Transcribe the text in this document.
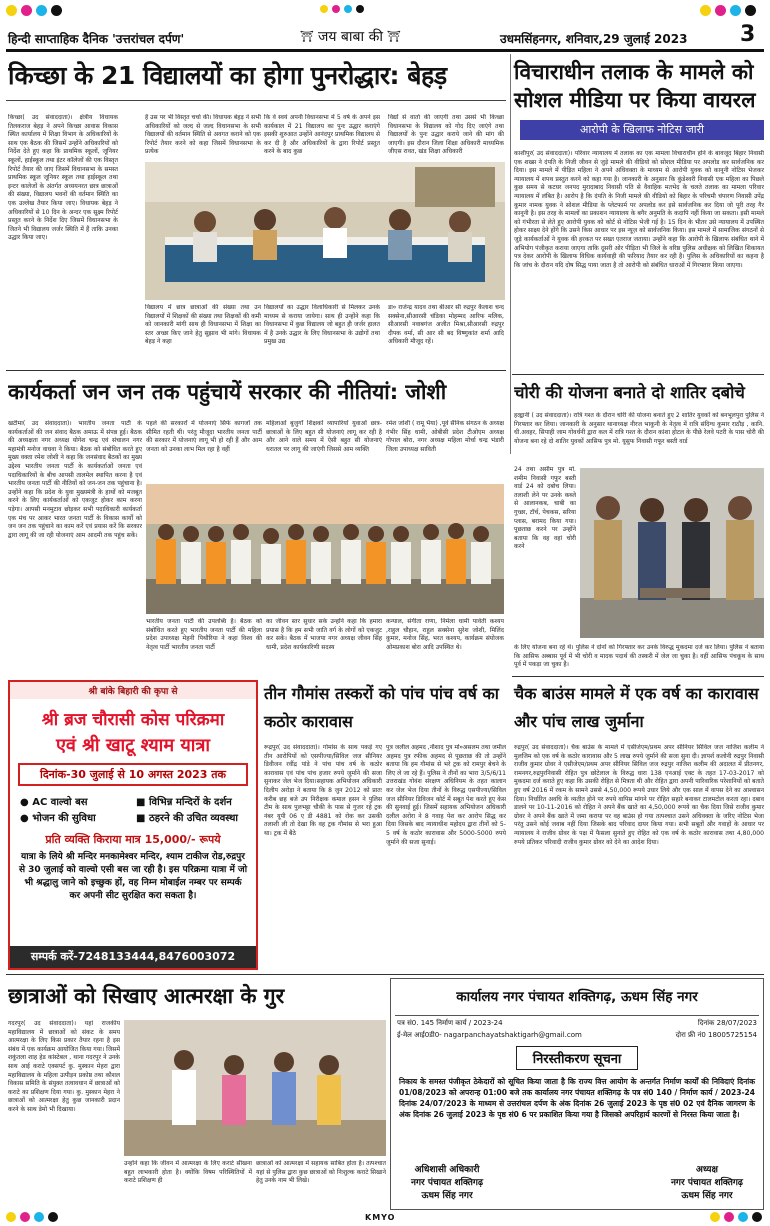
हिन्दी साप्ताहिक दैनिक 'उत्तरांचल दर्पण'	⛩ जय बाबा की ⛩	उधमसिंहनगर, शनिवार,29 जुलाई 2023 3
किच्छा के 21 विद्यालयों का होगा पुनरोद्धार: बेहड़
किच्छा( उद संवाददाता)। क्षेत्रीय विधायक तिलकराज बेहड़ ने अपने किच्छा आवास विकास स्थित कार्यालय में शिक्षा विभाग के अधिकारियों के साथ एक बैठक की जिसमें उन्होंने अधिकारियों को निर्देश देते हुए कहा कि प्राथमिक स्कूलों, जूनियर स्कूलों, हाईस्कूल तथा इंटर कॉलेजों की एक विस्तृत रिपोर्ट तैयार की जाए जिसमें विधानसभा के समस्त प्राथमिक स्कूल जूनियर स्कूल तथा हाईस्कूल तथा इन्टर कालेजों के अंतर्गत अध्ययनरत छात्र छात्राओं की संख्या, विद्यालय भवनों की वर्तमान स्थिति का एक उल्लेख तैयार किया जाए। विधायक बेहड़ ने अधिकारियों से 10 दिन के अन्दर एक सूक्ष्म रिपोर्ट प्रस्तुत करने के निर्देश दिए जिसमें विधानसभा के जितने भी विद्यालय जर्जर स्थिति में हैं ताकि उनका उद्धार किया जाए।
है उस पर भी विस्तृत चर्चा की। विधायक बेहड़ ने सभी अधिकारियों को जल्द से जल्द विधानसभा के सभी विद्यालयों की वर्तमान स्थिति से अवगत कराने को एक रिपोर्ट तैयार करने को कहा जिसमें विधानसभा के प्रत्येक
कि वे स्वयं अपनी विधानसभा में 5 वर्ष के अपने इस कार्यकाल में 21 विद्यालय का पुनः उद्धार कराएंगे इसकी शुरुआत उन्होंने आनंदपुर प्राथमिक विद्यालय से कर दी है और अधिकारियों के द्वारा रिपोर्ट प्रस्तुत करने के बाद कुछ
विद्यों से वार्ता की जाएगी तथा उससे भी किच्छा विधानसभा के विद्यालय को गोद दिए जाएंगे तथा विद्यालयों के पुनः उद्धार कराये जाने की मांग की जाएगी। इस दौरान जिला शिक्षा अधिकारी माध्यमिक जीएस रावत, खंड शिक्षा अधिकारी
विद्यालय में छात्र छात्राओं की संख्या तथा उन विद्यालयों में शिक्षकों की संख्या तथा शिक्षकों की कमी को जानकारी मांगी साथ ही विधानसभा में शिक्षा का स्तर अच्छा किए जाने हेतु सुझाव भी मांगे। विधायक बेहड़ ने कहा
विद्यालयों का उद्धार विलाधिकारी से मिलकर उनके माध्यम से कराया जायेगा। साथ ही उन्होंने कहा कि विधानसभा में कुछ विद्यालय जो बहुत ही जर्जर हालत में है उनके उद्धार के लिए विधानसभा के उद्योगों तथा प्रमुख उद्य
डा० राजेन्द्र यादव तथा बीआर सी रुद्रपुर कैलाश चन्द सक्सेना,सीआरसी चंडिका मोहम्मद आरिफ मलिक, सीआरसी नवाबगंज अजीत मिश्रा,सीआरसी रुद्रपुर दीपक वर्मा, सी आर सी बद विष्णुकांत शर्मा आदि अधिकारी मौजूद रहें।
विचाराधीन तलाक के मामले को सोशल मीडिया पर किया वायरल
आरोपी के खिलाफ नोटिस जारी
काशीपुर( उद संवाददाता)। परिवार न्यायालय में तलाक का एक मामला विचाराधीन होने के बावजूद बिहार निवासी एक शख्स ने दंपति के निजी जीवन से जुड़े मामले की वीडियो को सोशल मीडिया पर अपलोड कर सार्वजनिक कर दिया। इस मामले में पीड़ित महिला ने अपने अधिवक्ता के माध्यम से आरोपी युवक को कानूनी नोटिस भेजकर न्यायालय में शपथ प्रस्तुत करने को कहा गया है। जानकारी के अनुसार कि कुंडेश्वरी निवासी एक महिला का पिछले कुछ समय से कटघर जनपद मुरादाबाद निवासी पति से वैवाहिक मतभेद के चलते तलाक का मामला परिवार न्यायालय में लंबित है। आरोप है कि दंपति के निजी मामले की वीडियो को बिहार के परिचमी चंपारण निवासी उपेंद्र कुमार नामक युवक ने सोशल मीडिया के प्लेटफार्म पर अपलोड कर इसे सार्वजनिक कर दिया जो पूरी तरह गैर कानूनी है। इस तरह के मामलों का प्रकाशन न्यायालय के बगैर अनुमति के कदापि नहीं किया जा सकता। इसी मामले को गंभीरता से लेते हुए आरोपी युवक को कोर्ट से नोटिस भेजी गई है। 15 दिन के भीतर उसे न्यायालय में उपस्थित होकर साक्ष्य देने होंगे कि उसने किस आधार पर इस न्यूज़ को सार्वजनिक किया। इस मामले में सामाजिक संगठनों से जुड़े कार्यकर्ताओं ने युवक की हरकत पर सख्त एतराज जताया। उन्होंने कहा कि आरोपी के खिलाफ संबंधित थाने में अभियोग पंजीकृत कराया जाएगा ताकि दूसरी ओर पीड़िता भी जिले के वरिष्ठ पुलिस अधीक्षक को लिखित शिकायत पत्र देकर आरोपी के खिलाफ विधिक कार्यवाही की फरियाद तैयार कर रही है। पुलिस के अधिकारियों का कहना है कि जांच के दौरान यदि दोष सिद्ध पाया जाता है तो आरोपी को संबंधित धाराओं में गिरफ्तार किया जाएगा।
कार्यकर्ता जन जन तक पहुंचायें सरकार की नीतियां: जोशी
खटीमा( उद संवाददाता)। भारतीय जनता पार्टी के कार्यकर्ताओं की जन संवाद बैठक अमाऊ में संपन्न हुई। बैठक की अध्यक्षता नगर अध्यक्ष योगेश चन्द्र एवं संचालन नगर महामंत्री मनोज वाधवा ने किया। बैठक को संबोधित करते हुए मुख्य वक्ता रमेश जोशी ने कहा कि जनसंवाद बैठकों का मुख्य उद्देश्य भारतीय जनता पार्टी के कार्यकर्ताओं जनता एवं पदाधिकारियों के बीच आपसी तालमेल स्थापित करना है एवं भारतीय जनता पार्टी की नीतियों को जन-जन तक पहुंचाना है। उन्होंने कहा कि प्रदेश के युवा मुख्यमंत्री के हाथों को मजबूत करने के लिए कार्यकर्ताओं को एकजुट होकर काम करना पड़ेगा। आपसी मनमुटाव छोड़कर सभी पदाधिकारी कार्यकर्ता एक मंच पर आकर भारत जनता पार्टी के विकास कार्यों को जन जन तक पहुंचाने का काम करें एवं प्रयास करें कि सरकार द्वारा लागू की जा रही योजनाएं आम आदमी तक पहुंच सकें।
पहले की सरकारों में योजनाएं सिर्फ कागजों तक सीमित रहती थी। परंतु मौजूदा भारतीय जनता पार्टी की सरकार में योजनाएं लागू भी हो रही हैं और आम जनता को उनका लाभ मिल रहा है वहीं
महिलाओं बुजुर्गों शिक्षकों व्यापारियों युवाओं छात्र-छात्राओं के लिए बहुत सी योजनाएं लागू कर रही है और आने वाले समय में ऐसी बहुत सी योजनाएं धरातल पर लागू की जाएंगी जिससे आम व्यक्ति
रमेश जोशी ( रामू भैया) ,पूर्व सैनिक संगठन के अध्यक्ष गंभीर सिंह धामी, ओबीसी प्रदेश टीओएम अध्यक्ष गोपाल बोरा, नगर अध्यक्ष महिला मोर्चा चन्द्र भंडारी जिला उपाध्यक्ष साविती
भारतीय जनता पार्टी की उपलब्धि है। बैठक को संबोधित करते हुए भारतीय जनता पार्टी की महिला प्रदेश उपाध्यक्ष मेहनी पिथौरिया ने कहा विश्व की नेतृत्व पार्टी भारतीय जनता पार्टी
का जीवन स्तर सुधार सके उन्होंने कहा कि हमारा प्रयास है कि हम सभी जाति वर्ग के लोगों को एकजुट कर सकें। बैठक में भाजपा नगर अध्यक्ष जीवन सिंह धामी, प्रदेश कार्यकारिणी सदस्य
कन्याल, संगीता राणा, निर्मला धामी पार्वती कश्यप ,राहुल चौहान, राहुल सक्सेना सुरेश जोशी, मिलिंद कुमार, मनोज सिंह, भरत कश्यप, कार्यक्रम संयोजक ओमप्रकाश बोरा आदि उपस्थित थे।
चोरी की योजना बनाते दो शातिर दबोचे
हल्द्वानी ( उद संवाददाता)। रात्रि गश्त के दौरान चोरी की योजना बनाते हुए 2 शातिर युवकों को बनभूलपुरा पुलिस ने गिरफ्तार कर लिया। जानकारी के अनुसार थानाध्यक्ष नीरज भाकुनी के नेतृत्व में रात्रि संदिग्ध कुमार राठौड़ , कानि. धी.अवहर, सिपाही जाम गोवर्धनी द्वारा कल में रात्रि गश्त के दौरान कांशा होटल के पीछे रेलवे पटरी के पास चोरी की योजना बना रहे दो शातिर युवकों आसिफ पुत्र मो. यूसुफ निवासी गफूर बस्ती वार्ड
24 तथा असीम पुत्र मो. शमीम निवासी गफूर बस्ती वार्ड 24 को दबोच लिया। तलाशी लेने पर उनके कब्जे से आलानकब, चाबी का गुच्छा, टॉर्च, पेचकस, सरिया प्लास, बरामद किया गया। पूछताछ करने पर उन्होंने बताया कि वह वहां चोरी करने
के लिए योजना बना रहे थे। पुलिस ने दोनों को गिरफ्तार कर उनके विरुद्ध मुकदमा दर्ज कर लिया। पुलिस ने बताया कि आसिफ अब्बास पूर्व में भी चोरी व मादक पदार्थ की तस्करी में जेल जा चुका है। वहीं आसिफ पंचकूथ के साथ पूर्व में पकड़ा जा चुका है।
श्री बांके बिहारी की कृपा से
श्री ब्रज चौरासी कोस परिक्रमा
एवं श्री खाटू श्याम यात्रा
दिनांक-30 जुलाई से 10 अगस्त 2023 तक
● AC वाल्वो बस	■ विभिन्न मन्दिरों के दर्शन
● भोजन की सुविधा	■ ठहरने की उचित व्यवस्था
प्रति व्यक्ति किराया मात्र 15,000/- रूपये
यात्रा के लिये श्री मन्दिर मनकामेश्वर मन्दिर, श्याम टाकीज रोड,रुद्रपुर से 30 जुलाई को वाल्वो एसी बस जा रही है। इस परिक्रमा यात्रा में जो भी श्रद्धालु जाने को इच्छुक हों, वह निम्न मोबाईल नम्बर पर सम्पर्क कर अपनी सीट सुरक्षित करा सकता है।
सम्पर्क करें-7248133444,8476003072
तीन गौमांस तस्करों को पांच पांच वर्ष का कठोर कारावास
रूद्रपुर( उद संवाददाता)। गोमांस के साथ पकड़े गए तीन आरोपियों को एसपीज्या/सिविल जज सीनियर डिवीजन रवींद्र पांडे ने पांच पांच वर्ष के कठोर कारावास एवं पांच पांच हजार रुपये जुर्माने की सजा सुनाकर जेल भेज दिया।सहायक अभियोजन अधिकारी दिलीप अरोड़ा ने बताया कि 8 जुन 2012 को प्रातः करीब छह बजे उप निरीक्षक कमाल हसन ने पुलिस टीम के साथ पुलभट्टा चौकी के पास से गुजर रहे ट्रक नंबर यूपी 06 ए डी 4881 को रोक कर उसकी तलाशी ली तो देखा कि वह ट्रक गौमांस से भरा हुआ था। ट्रक में बैठे
पुत्र जलील अहमद ,नौशाद पुत्र मो०असलम तथा जमील अहमद पुत्र रफीक अहमद से पूछताछ की तो उन्होंने बताया कि हम गौमांस से भरे ट्रक को रामपुर बेचने के लिए ले जा रहे हैं। पुलिस ने तीनों का भारा 3/5/6/11 उत्तराखंड गोवंश संरक्षण अधिनियम के तहत कालान कर जेल भेज दिया तीनों के विरुद्ध एसपीज्या/सिविल जज सीनियर डिविजन कोर्ट में सबूत पेश करते हुए केस की सुनवाई हुई। जिसमें सहायक अभियोजन अधिकारी दलील अरोरा ने 8 गवाह पेश कर आरोप सिद्ध कर दिया जिसके बाद न्यायाधीश महोदय द्वारा तीनों को 5-5 वर्ष के कठोर कारावास और 5000-5000 रुपये जुर्माने की सजा सुनाई।
चैक बाउंस मामले में एक वर्ष का कारावास और पांच लाख जुर्माना
रुद्रपुर( उद संवाददाता)। चैक बाउंस के मामले में एसीजेएम/प्रथम अपर सीनियर सिविल जज नाजिश कलीम ने मुलजिम को एक वर्ष के कठोर कारावास और 5 लाख रुपये जुर्माने की सजा सुना दी। ज्ञापर्श कलोनी रुद्रपुर निवासी राजीव कुमार ग्रोवर ने एसीजेएम/प्रथम अपर सीनियर सिविल जज रुद्रपुर नाजिश कलीम की अदालत में प्रीतनगर, रामनगर,रुद्रपुरनिवासी रोहित पुत्र छोटेलाल के विरुद्ध धारा 138 एनआई एक्ट के तहत 17-03-2017 को मुकदमा दर्ज कराते हुए कहा कि उसकी रोहित से मित्रता थी और रोहित द्वारा अपनी पारिवारिक परेशानियों को बताते हुए वर्ष 2016 में रकम के सामने उससे 4,50,000 रूपये उधार लिये और एक साल में वापस देने का आश्वासन दिया। निर्धारित अवधि के व्यतीत होने पर रुपये वापिस मांगने पर रोहित सहारे बनाकर टालमटोल करता रहा। दबाव डालने पर 10-11-2016 को रोहित ने अपने बैंक खाते का 4,50,000 रूपये का चैक दिया जिसे राजीव कुमार ग्रोवर ने अपने बैंक खाते में जमा कराया पर वह बाउंस हो गया तत्पश्चात उसने अधिवक्ता के जरिए नोटिस भेजा परंतु उसने कोई जवाब नहीं दिया जिसके बाद परिवाद दायर किया गया। सभी सबूतों और गवाहों के आधार पर न्यायालय ने राजीव ग्रोवर के पक्ष में फैसला सुनाते हुए रोहित को एक वर्ष के कठोर कारावास तथा 4,80,000 रुपये प्रतिकर परिवादी राजीव कुमार ग्रोवर को देने का आदेश दिया।
छात्राओं को सिखाए आत्मरक्षा के गुर
गदरपुर( उद संवाददाता)। यहां राजकीय महाविद्यालय में छात्राओं को संकट के समय आत्मरक्षा के लिए किस प्रकार तैयार रहना है इस संबंध में एक कार्यक्रम आयोजित किया गया। जिसमें शकुंतला शाह हेड कांस्टेबल , थाना गदरपुर ने उनके साथ आई कराटे एक्सपर्ट कु. मुस्कान मेहरा द्वारा महाविद्यालय के महिला उत्पीड़न प्रकोष्ठ तथा कौशल विकास समिति के संयुक्त तत्वावधान में छात्राओं को कराटे का प्रशिक्षण दिया गया। कु. मुस्कान मेहरा ने छात्राओं को आत्मरक्षा हेतु कुछ जानकारी प्रदान करने के साथ डेमो भी दिखाया।
उन्होंने कहा कि जीवन में आत्मरक्षा के लिए कराटे सीखना बहुत लाभकारी होता है। क्योंकि विषम परिस्थितियों में कराटे प्रशिक्षण ही
छात्राओं को आत्मरक्षा में सहायक साबित होता है। तत्पश्चात यहां से पुलिस द्वारा कुछ छात्राओं को निःशुल्क कराटे सिखाने हेतु उनके नाम भी लिखे।
कार्यालय नगर पंचायत शक्तिगढ़, ऊधम सिंह नगर
पत्र सं0. 145 निर्माण कार्य / 2023-24	दिनांक 28/07/2023
ई-मेल आई0डी0- nagarpanchayatshaktigarh@gmail.com	दोरा फ्री नं0 18005725154
निरस्तीकरण सूचना
निकाय के समस्त पंजीकृत ठेकेदारों को सूचित किया जाता है कि राज्य वित्त आयोग के अन्तर्गत निर्माण कार्यों की निविदाएं दिनांक 01/08/2023 को अपरान्ह 01:00 बजे तक कार्यालय नगर पंचायत शक्तिगढ़ के पत्र सं0 140 / निर्माण कार्य / 2023-24 दिनांक 24/07/2023 के माध्यम से उत्तरांचल दर्पण के अंक दिनांक 26 जुलाई 2023 के पृष्ठ सं0 02 एवं दैनिक जागरण के अंक दिनांक 26 जुलाई 2023 के पृष्ठ सं0 6 पर प्रकाशित किया गया है जिसको अपरिहार्य कारणों से निरस्त किया जाता है।
अधिशासी अधिकारी
नगर पंचायत शक्तिगढ़
ऊधम सिंह नगर
अध्यक्ष
नगर पंचायत शक्तिगढ़
ऊधम सिंह नगर
KMYO
